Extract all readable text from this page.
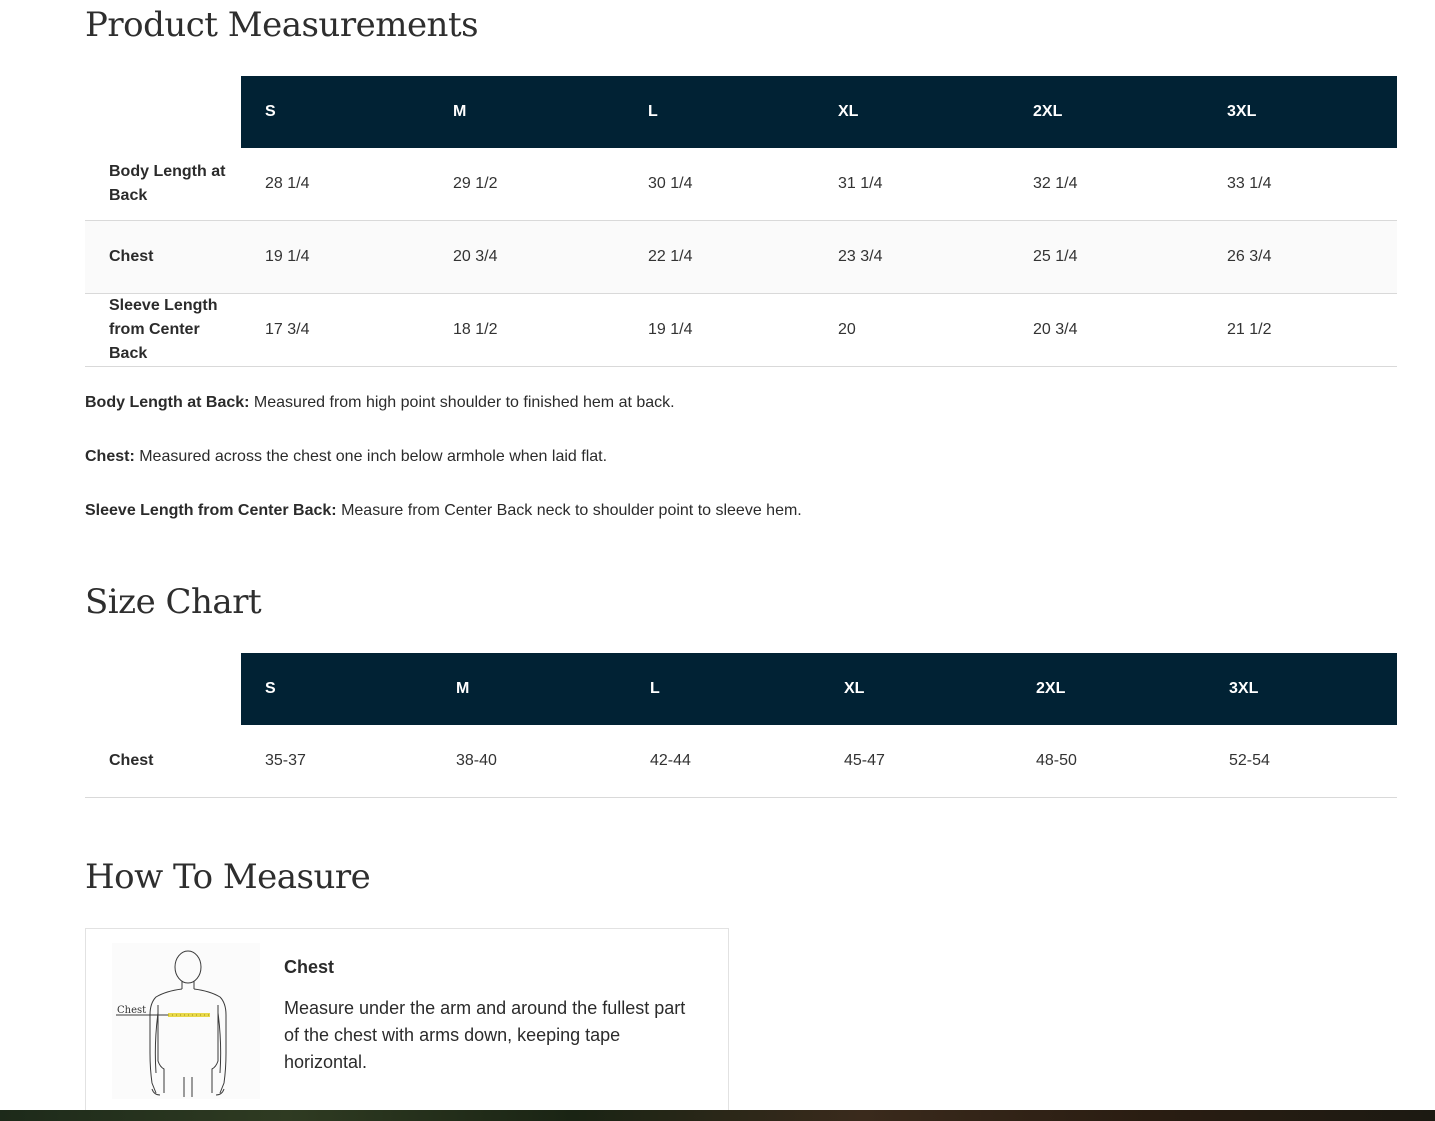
Product Measurements
	S	M	L	XL	2XL	3XL
Body Length at Back	28 1/4	29 1/2	30 1/4	31 1/4	32 1/4	33 1/4
Chest	19 1/4	20 3/4	22 1/4	23 3/4	25 1/4	26 3/4
Sleeve Length from Center Back	17 3/4	18 1/2	19 1/4	20	20 3/4	21 1/2

Body Length at Back: Measured from high point shoulder to finished hem at back.

Chest: Measured across the chest one inch below armhole when laid flat.

Sleeve Length from Center Back: Measure from Center Back neck to shoulder point to sleeve hem.

Size Chart
	S	M	L	XL	2XL	3XL
Chest	35-37	38-40	42-44	45-47	48-50	52-54
How To Measure
Chest
Chest
Measure under the arm and around the fullest part of the chest with arms down, keeping tape horizontal.
